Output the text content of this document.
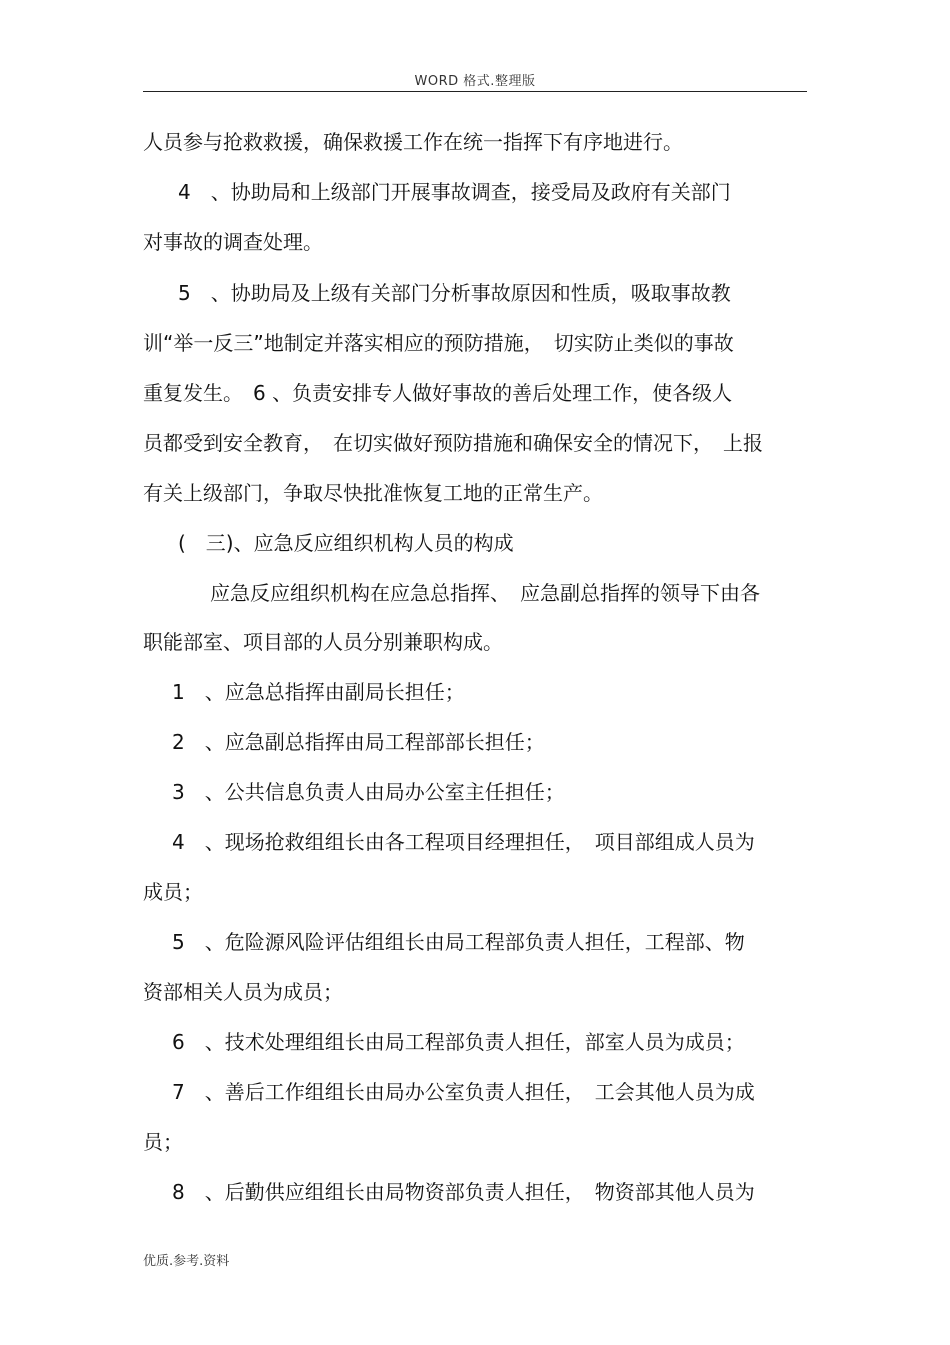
WORD 格式.整理版
人员参与抢救救援，确保救援工作在统一指挥下有序地进行。
4　、协助局和上级部门开展事故调查，接受局及政府有关部门
对事故的调查处理。
5　、协助局及上级有关部门分析事故原因和性质，吸取事故教
训“举一反三”地制定并落实相应的预防措施，　切实防止类似的事故
重复发生。　6 、负责安排专人做好事故的善后处理工作，使各级人
员都受到安全教育，　在切实做好预防措施和确保安全的情况下，　上报
有关上级部门，争取尽快批准恢复工地的正常生产。
(　三)、应急反应组织机构人员的构成
应急反应组织机构在应急总指挥、　应急副总指挥的领导下由各
职能部室、项目部的人员分别兼职构成。
1　、应急总指挥由副局长担任；
2　、应急副总指挥由局工程部部长担任；
3　、公共信息负责人由局办公室主任担任；
4　、现场抢救组组长由各工程项目经理担任，　项目部组成人员为
成员；
5　、危险源风险评估组组长由局工程部负责人担任，工程部、物
资部相关人员为成员；
6　、技术处理组组长由局工程部负责人担任，部室人员为成员；
7　、善后工作组组长由局办公室负责人担任，　工会其他人员为成
员；
8　、后勤供应组组长由局物资部负责人担任，　物资部其他人员为
优质.参考.资料
